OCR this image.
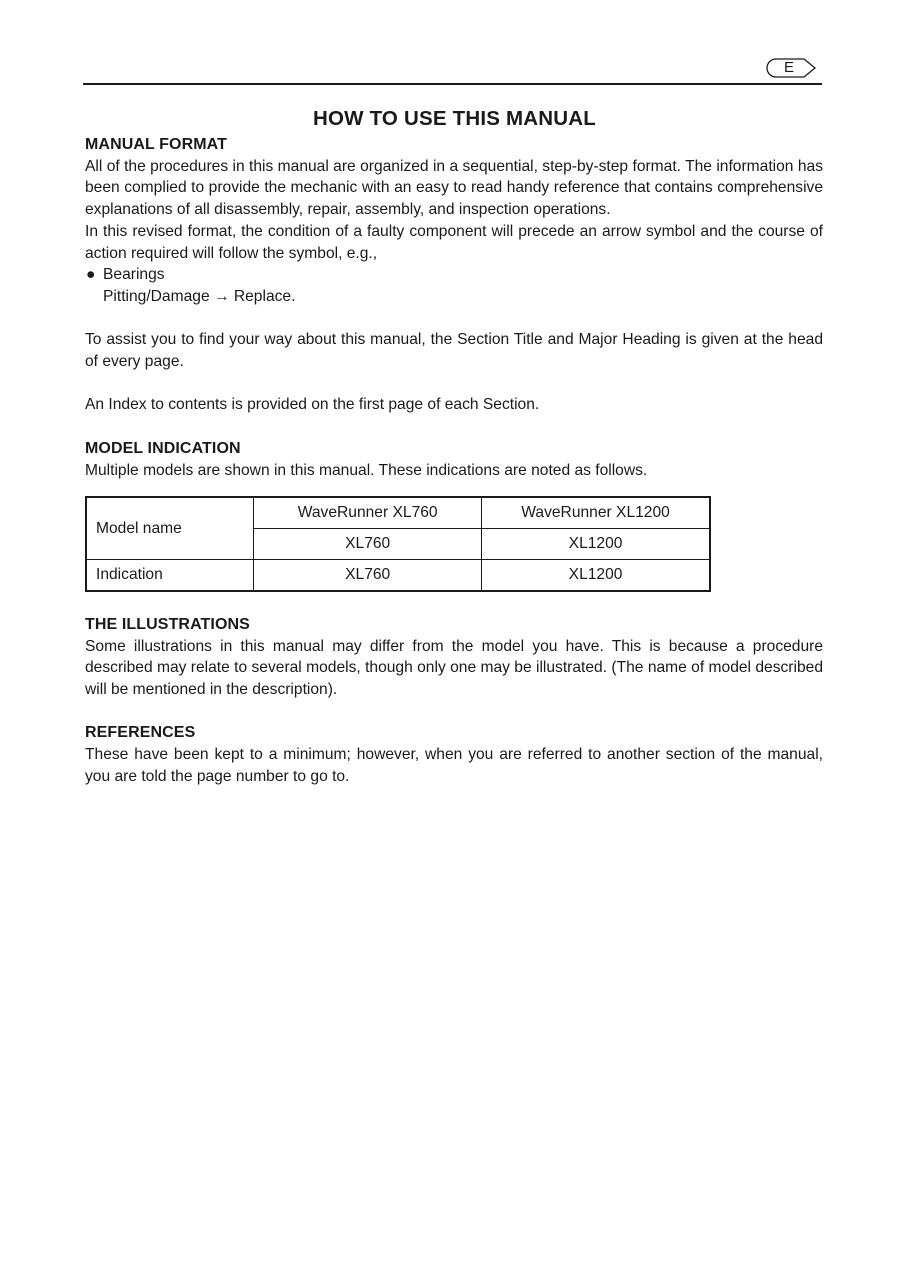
E
HOW TO USE THIS MANUAL
MANUAL FORMAT

All of the procedures in this manual are organized in a sequential, step-by-step format. The information has been complied to provide the mechanic with an easy to read handy reference that contains comprehensive explanations of all disassembly, repair, assembly, and inspection operations.

In this revised format, the condition of a faulty component will precede an arrow symbol and the course of action required will follow the symbol, e.g.,

● Bearings

Pitting/Damage → Replace.

To assist you to find your way about this manual, the Section Title and Major Heading is given at the head of every page.

An Index to contents is provided on the first page of each Section.

MODEL INDICATION

Multiple models are shown in this manual. These indications are noted as follows.

Model name	WaveRunner XL760	WaveRunner XL1200
	XL760	XL1200
Indication	XL760	XL1200
THE ILLUSTRATIONS

Some illustrations in this manual may differ from the model you have. This is because a procedure described may relate to several models, though only one may be illustrated. (The name of model described will be mentioned in the description).

REFERENCES

These have been kept to a minimum; however, when you are referred to another section of the manual, you are told the page number to go to.
